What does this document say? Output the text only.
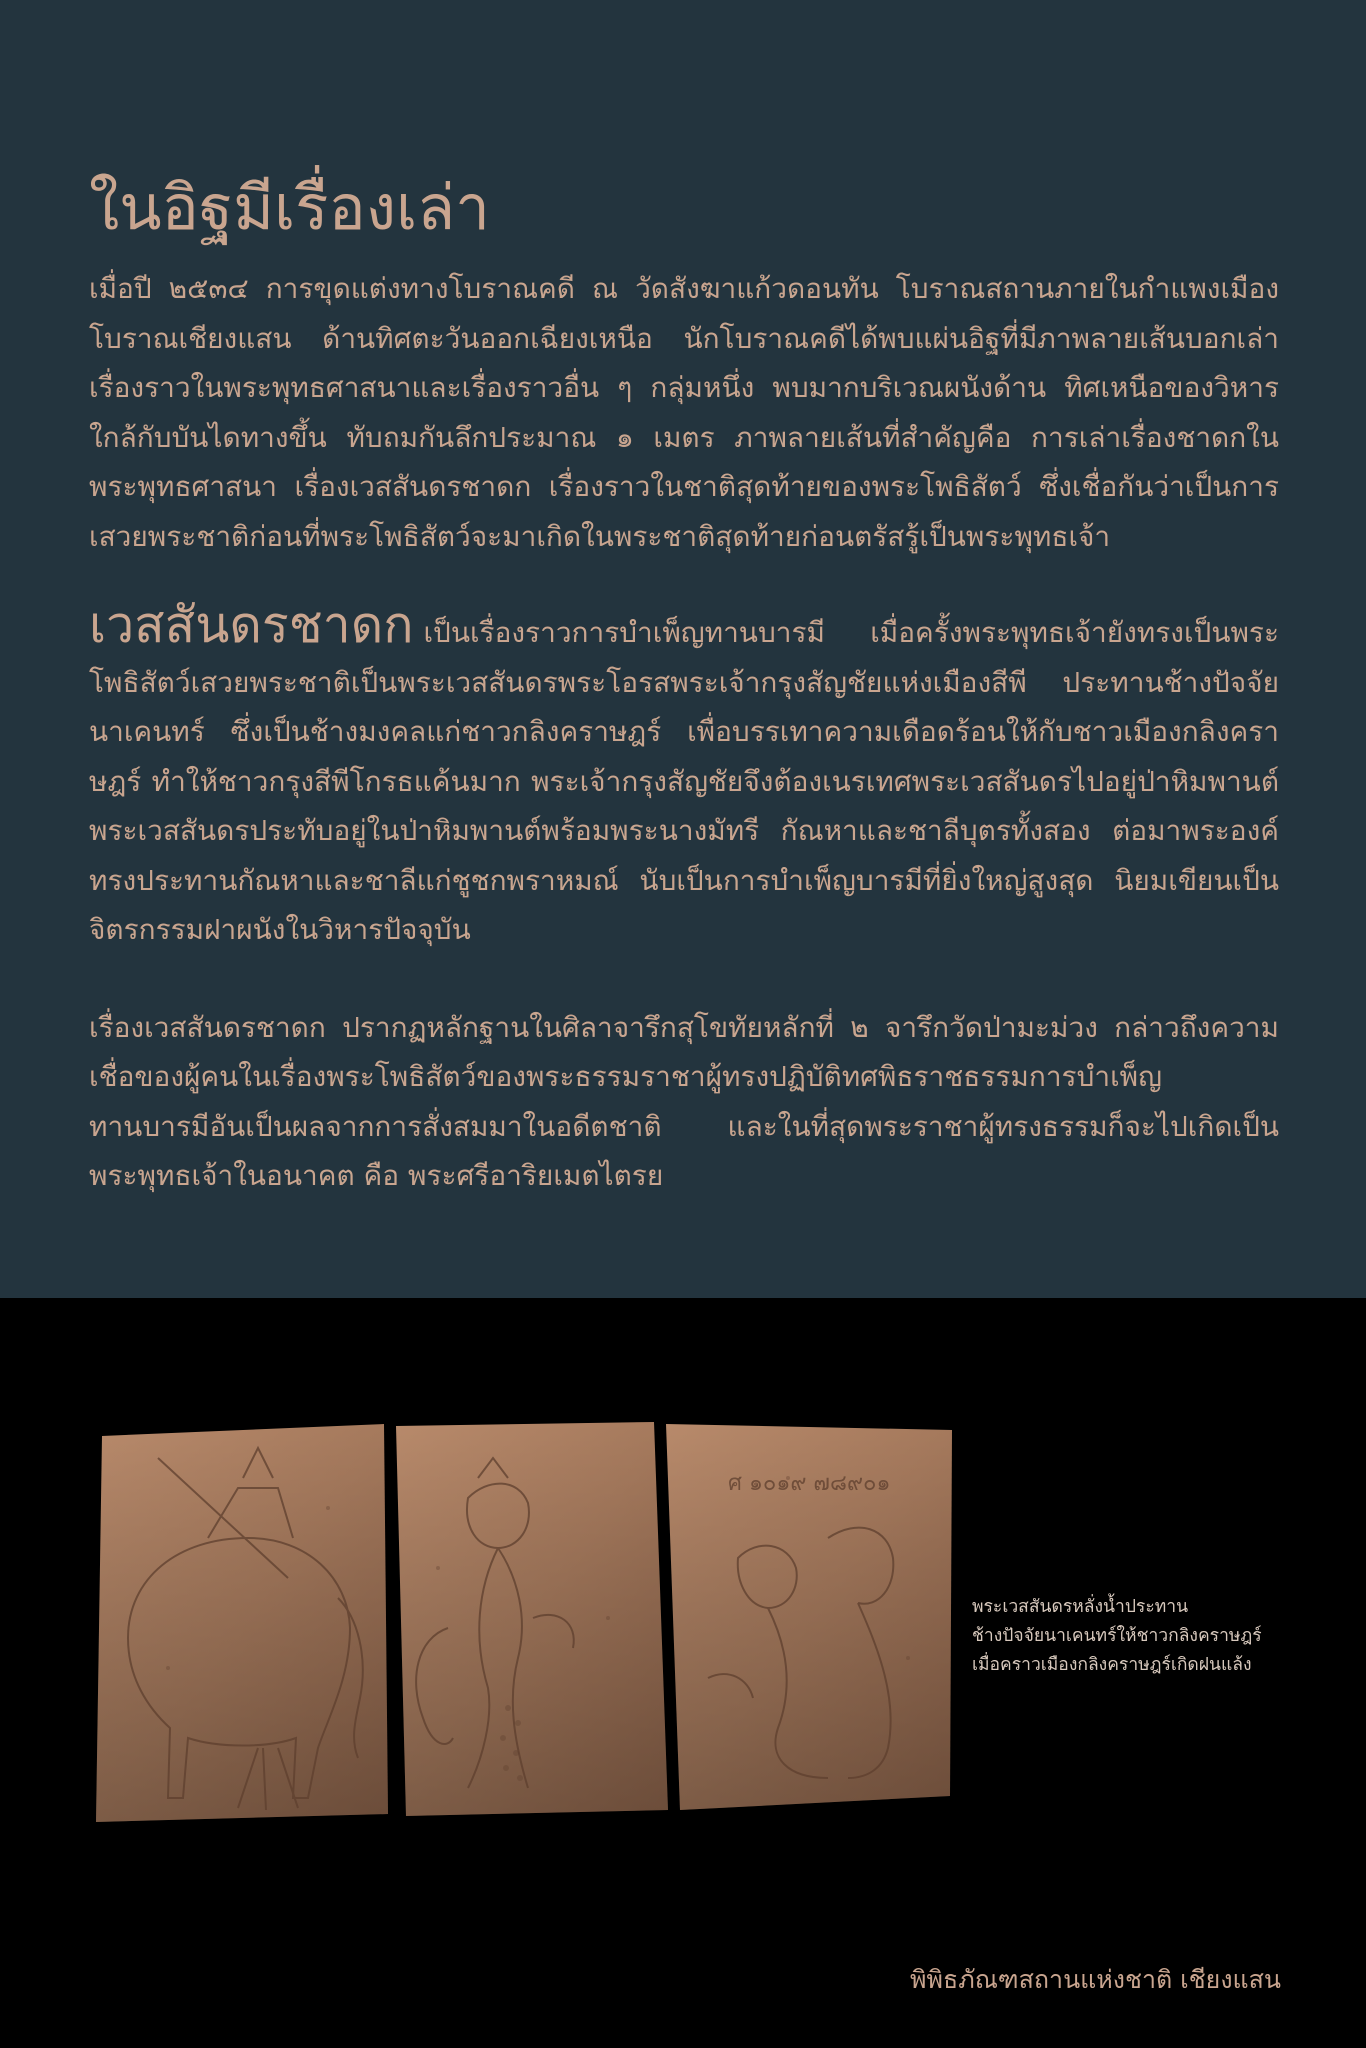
ในอิฐมีเรื่องเล่า

เมื่อปี ๒๕๓๔ การขุดแต่งทางโบราณคดี ณ วัดสังฆาแก้วดอนทัน โบราณสถานภายในกำแพงเมืองโบราณเชียงแสน ด้านทิศตะวันออกเฉียงเหนือ นักโบราณคดีได้พบแผ่นอิฐที่มีภาพลายเส้นบอกเล่าเรื่องราวในพระพุทธศาสนาและเรื่องราวอื่น ๆ กลุ่มหนึ่ง พบมากบริเวณผนังด้าน ทิศเหนือของวิหารใกล้กับบันไดทางขึ้น ทับถมกันลึกประมาณ ๑ เมตร ภาพลายเส้นที่สำคัญคือ การเล่าเรื่องชาดกในพระพุทธศาสนา เรื่องเวสสันดรชาดก เรื่องราวในชาติสุดท้ายของพระโพธิสัตว์ ซึ่งเชื่อกันว่าเป็นการเสวยพระชาติก่อนที่พระโพธิสัตว์จะมาเกิดในพระชาติสุดท้ายก่อนตรัสรู้เป็นพระพุทธเจ้า

เวสสันดรชาดก เป็นเรื่องราวการบำเพ็ญทานบารมี เมื่อครั้งพระพุทธเจ้ายังทรงเป็นพระโพธิสัตว์เสวยพระชาติเป็นพระเวสสันดรพระโอรสพระเจ้ากรุงสัญชัยแห่งเมืองสีพี ประทานช้างปัจจัยนาเคนทร์ ซึ่งเป็นช้างมงคลแก่ชาวกลิงคราษฎร์ เพื่อบรรเทาความเดือดร้อนให้กับชาวเมืองกลิงคราษฎร์ ทำให้ชาวกรุงสีพีโกรธแค้นมาก พระเจ้ากรุงสัญชัยจึงต้องเนรเทศพระเวสสันดรไปอยู่ป่าหิมพานต์ พระเวสสันดรประทับอยู่ในป่าหิมพานต์พร้อมพระนางมัทรี กัณหาและชาลีบุตรทั้งสอง ต่อมาพระองค์ทรงประทานกัณหาและชาลีแก่ชูชกพราหมณ์ นับเป็นการบำเพ็ญบารมีที่ยิ่งใหญ่สูงสุด นิยมเขียนเป็นจิตรกรรมฝาผนังในวิหารปัจจุบัน

เรื่องเวสสันดรชาดก ปรากฏหลักฐานในศิลาจารึกสุโขทัยหลักที่ ๒ จารึกวัดป่ามะม่วง กล่าวถึงความเชื่อของผู้คนในเรื่องพระโพธิสัตว์ของพระธรรมราชาผู้ทรงปฏิบัติทศพิธราชธรรมการบำเพ็ญทานบารมีอันเป็นผลจากการสั่งสมมาในอดีตชาติ และในที่สุดพระราชาผู้ทรงธรรมก็จะไปเกิดเป็นพระพุทธเจ้าในอนาคต คือ พระศรีอาริยเมตไตรย

ศ ๑๐๑๙ ๗๘๙๐๑
พระเวสสันดรหลั่งน้ำประทาน
ช้างปัจจัยนาเคนทร์ให้ชาวกลิงคราษฎร์
เมื่อคราวเมืองกลิงคราษฎร์เกิดฝนแล้ง
พิพิธภัณฑสถานแห่งชาติ เชียงแสน
